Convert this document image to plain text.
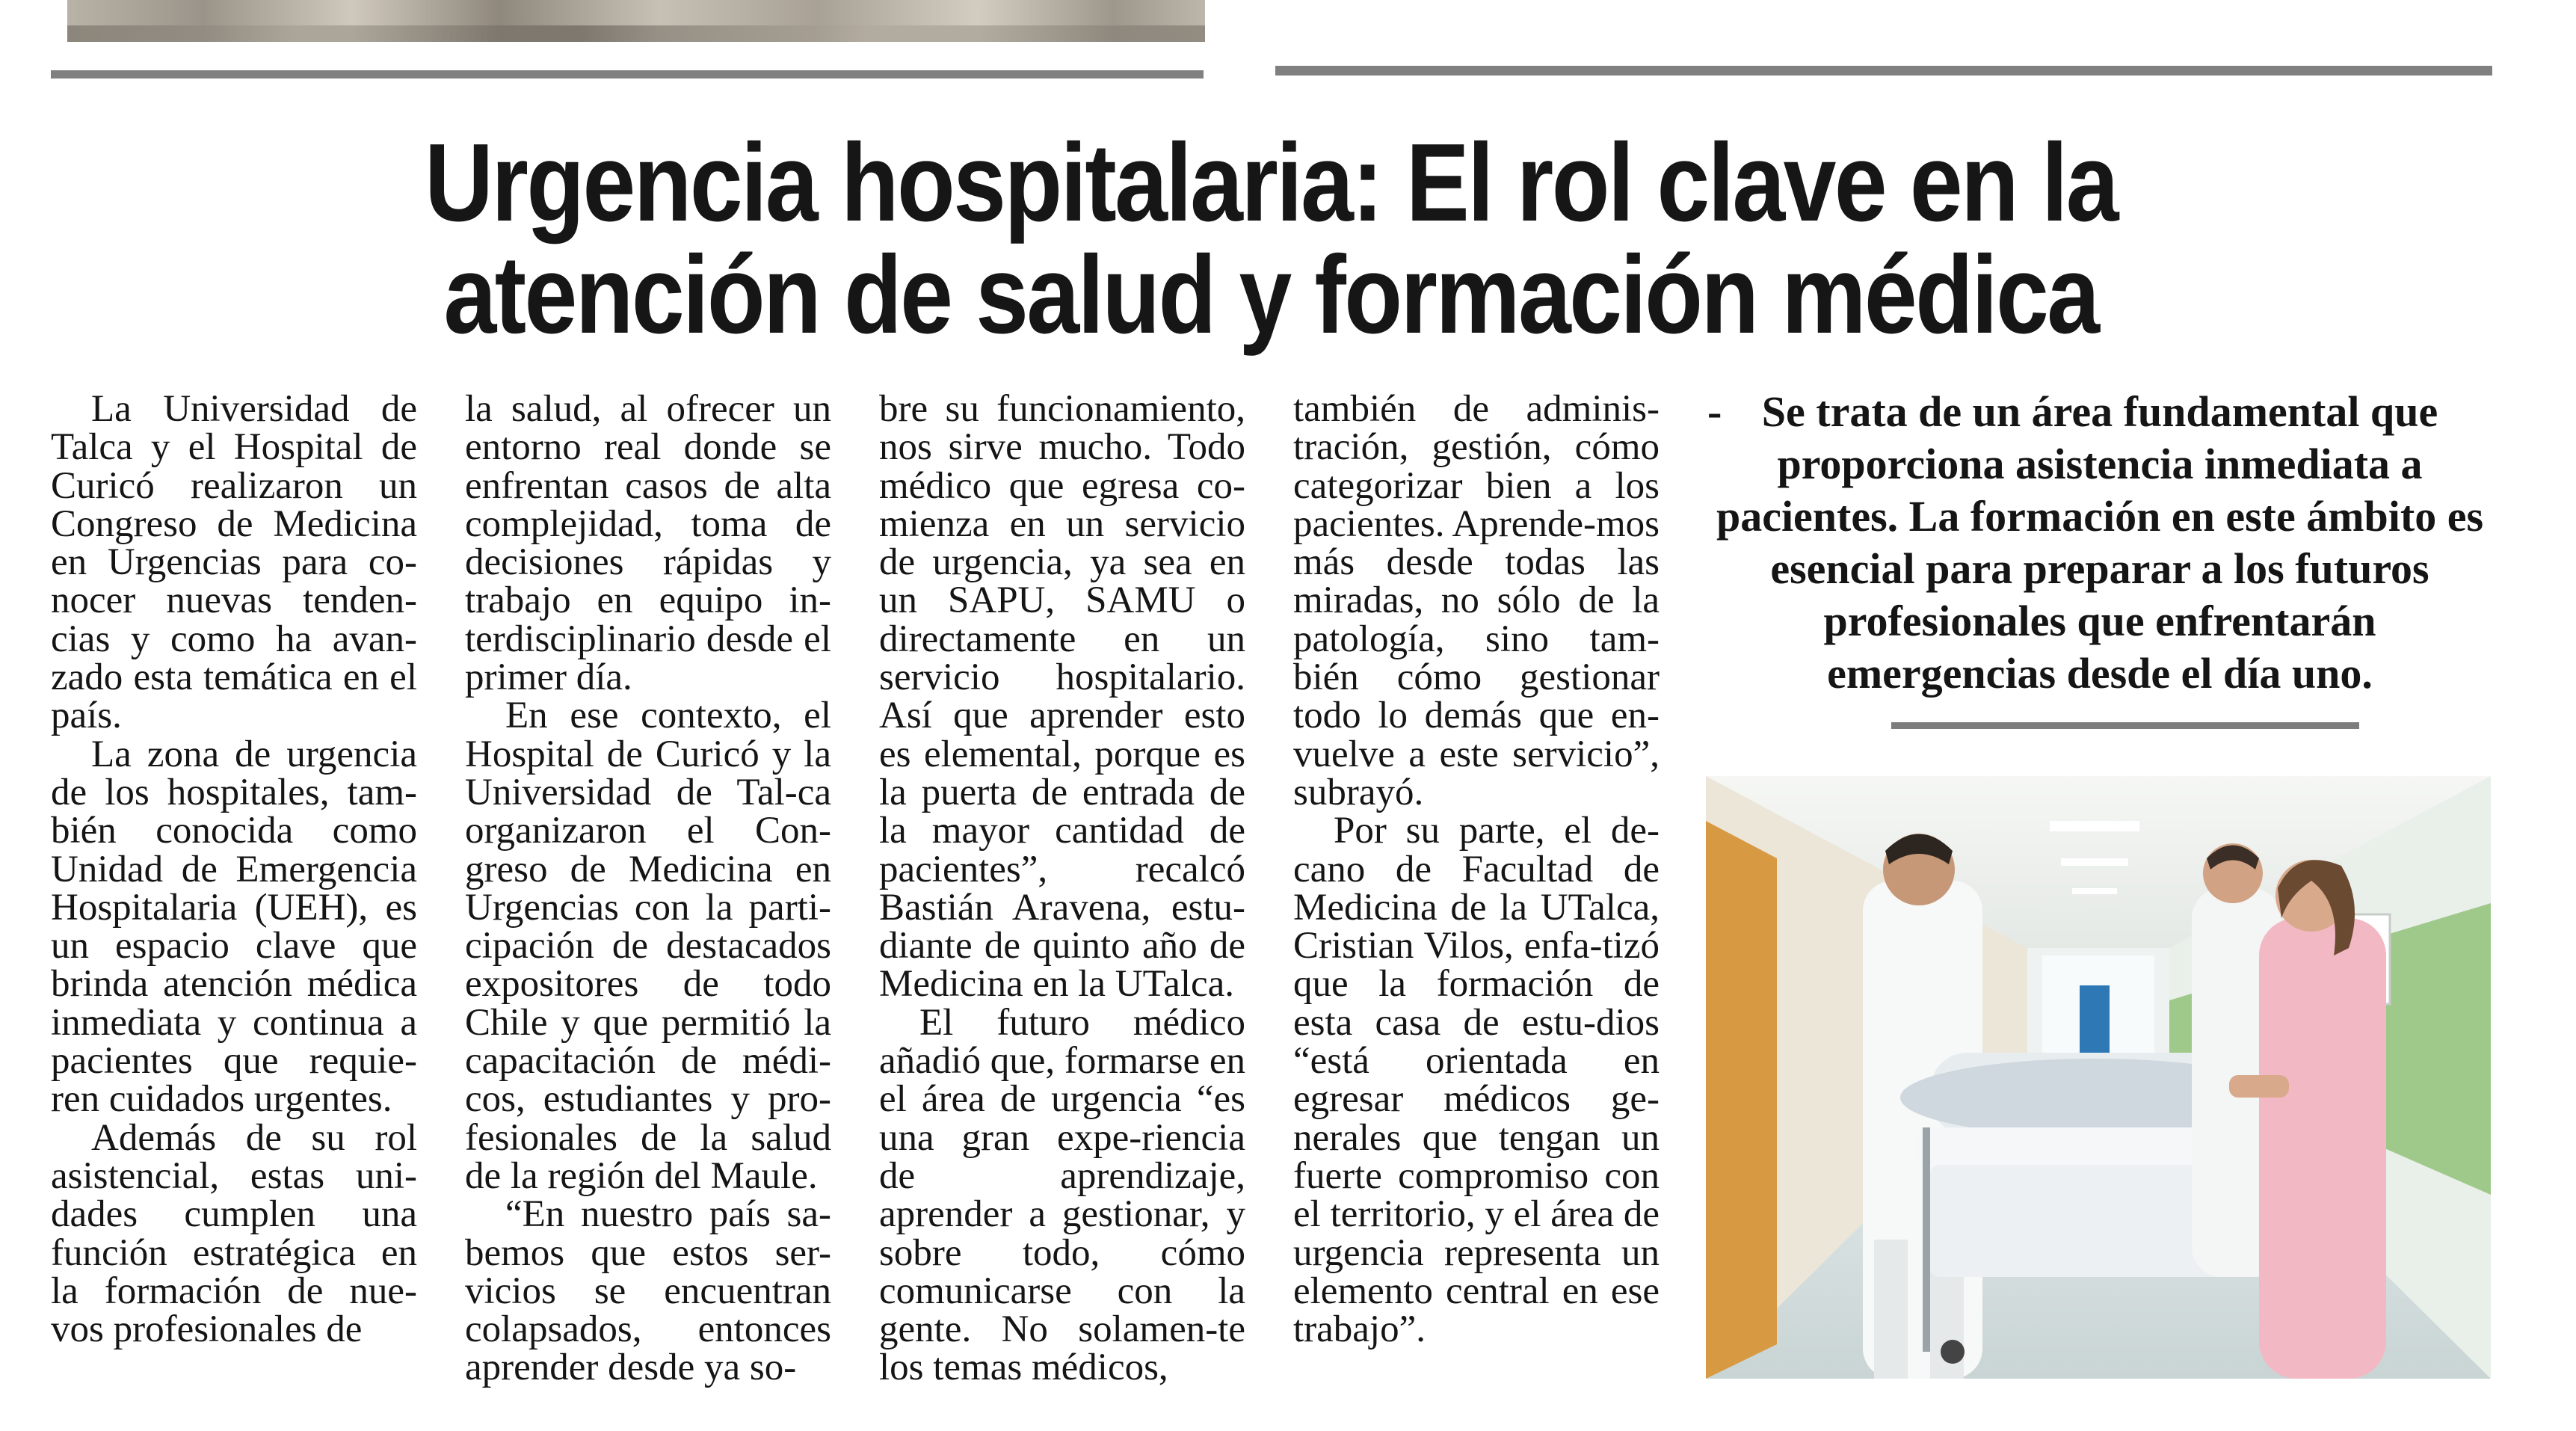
Urgencia hospitalaria: El rol clave en la
atención de salud y formación médica

La Universidad de Talca y el Hospital de Curicó realizaron un Congreso de Medicina en Urgencias para co-nocer nuevas tenden-cias y como ha avan-zado esta temática en el país.

La zona de urgencia de los hospitales, tam-bién conocida como Unidad de Emergencia Hospitalaria (UEH), es un espacio clave que brinda atención médica inmediata y continua a pacientes que requie-ren cuidados urgentes.

Además de su rol asistencial, estas uni-dades cumplen una función estratégica en la formación de nue-vos profesionales de

la salud, al ofrecer un entorno real donde se enfrentan casos de alta complejidad, toma de decisiones rápidas y trabajo en equipo in-terdisciplinario desde el primer día.

En ese contexto, el Hospital de Curicó y la Universidad de Tal-ca organizaron el Con-greso de Medicina en Urgencias con la parti-cipación de destacados expositores de todo Chile y que permitió la capacitación de médi-cos, estudiantes y pro-fesionales de la salud de la región del Maule.

“En nuestro país sa-bemos que estos ser-vicios se encuentran colapsados, entonces aprender desde ya so-

bre su funcionamiento, nos sirve mucho. Todo médico que egresa co-mienza en un servicio de urgencia, ya sea en un SAPU, SAMU o directamente en un servicio hospitalario. Así que aprender esto es elemental, porque es la puerta de entrada de la mayor cantidad de pacientes”, recalcó Bastián Aravena, estu-diante de quinto año de Medicina en la UTalca.

El futuro médico añadió que, formarse en el área de urgencia “es una gran expe-riencia de aprendizaje, aprender a gestionar, y sobre todo, cómo comunicarse con la gente. No solamen-te los temas médicos,

también de adminis-tración, gestión, cómo categorizar bien a los pacientes. Aprende-mos más desde todas las miradas, no sólo de la patología, sino tam-bién cómo gestionar todo lo demás que en-vuelve a este servicio”, subrayó.

Por su parte, el de-cano de Facultad de Medicina de la UTalca, Cristian Vilos, enfa-tizó que la formación de esta casa de estu-dios “está orientada en egresar médicos ge-nerales que tengan un fuerte compromiso con el territorio, y el área de urgencia representa un elemento central en ese trabajo”.

- Se trata de un área fundamental que proporciona asistencia inmediata a pacientes. La formación en este ámbito es esencial para preparar a los futuros profesionales que enfrentarán emergencias desde el día uno.
